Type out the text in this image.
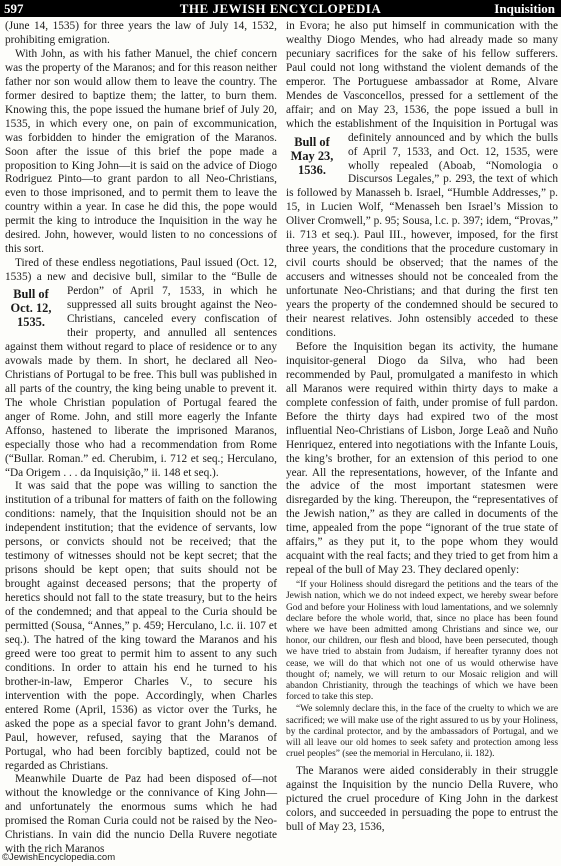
597	THE JEWISH ENCYCLOPEDIA	Inquisition

(June 14, 1535) for three years the law of July 14, 1532, prohibiting emigration.

With John, as with his father Manuel, the chief concern was the property of the Maranos; and for this reason neither father nor son would allow them to leave the country. The former desired to baptize them; the latter, to burn them. Knowing this, the pope issued the humane brief of July 20, 1535, in which every one, on pain of excommunication, was forbidden to hinder the emigration of the Maranos. Soon after the issue of this brief the pope made a proposition to King John—it is said on the advice of Diogo Rodriguez Pinto—to grant pardon to all Neo-Christians, even to those imprisoned, and to permit them to leave the country within a year. In case he did this, the pope would permit the king to introduce the Inquisition in the way he desired. John, however, would listen to no concessions of this sort.

Tired of these endless negotiations, Paul issued (Oct. 12, 1535) a new and decisive bull, similar to the “Bulle de Perdon” of April 7, 1533, in which he
Bull of Oct. 12, 1535.
suppressed all suits brought against the Neo-Christians, canceled every confiscation of their property, and annulled all sentences against them without regard to place of residence or to any avowals made by them. In short, he declared all Neo-Christians of Portugal to be free. This bull was published in all parts of the country, the king being unable to prevent it. The whole Christian population of Portugal feared the anger of Rome. John, and still more eagerly the Infante Affonso, hastened to liberate the imprisoned Maranos, especially those who had a recommendation from Rome (“Bullar. Roman.” ed. Cherubim, i. 712 et seq.; Herculano, “Da Origem . . . da Inquisição,” ii. 148 et seq.).

It was said that the pope was willing to sanction the institution of a tribunal for matters of faith on the following conditions: namely, that the Inquisition should not be an independent institution; that the evidence of servants, low persons, or convicts should not be received; that the testimony of witnesses should not be kept secret; that the prisons should be kept open; that suits should not be brought against deceased persons; that the property of heretics should not fall to the state treasury, but to the heirs of the condemned; and that appeal to the Curia should be permitted (Sousa, “Annes,” p. 459; Herculano, l.c. ii. 107 et seq.). The hatred of the king toward the Maranos and his greed were too great to permit him to assent to any such conditions. In order to attain his end he turned to his brother-in-law, Emperor Charles V., to secure his intervention with the pope. Accordingly, when Charles entered Rome (April, 1536) as victor over the Turks, he asked the pope as a special favor to grant John’s demand. Paul, however, refused, saying that the Maranos of Portugal, who had been forcibly baptized, could not be regarded as Christians.

Meanwhile Duarte de Paz had been disposed of—not without the knowledge or the connivance of King John—and unfortunately the enormous sums which he had promised the Roman Curia could not be raised by the Neo-Christians. In vain did the nuncio Della Ruvere negotiate with the rich Maranos

in Evora; he also put himself in communication with the wealthy Diogo Mendes, who had already made so many pecuniary sacrifices for the sake of his fellow sufferers. Paul could not long withstand the violent demands of the emperor. The Portuguese ambassador at Rome, Alvare Mendes de Vasconcellos, pressed for a settlement of the affair; and on May 23, 1536, the pope issued a bull in which the establishment of the Inquisition in Portugal was definitely announced and by which the
Bull of May 23, 1536.
bulls of April 7, 1533, and Oct. 12, 1535, were wholly repealed (Aboab, “Nomologia o Discursos Legales,” p. 293, the text of which is followed by Manasseh b. Israel, “Humble Addresses,” p. 15, in Lucien Wolf, “Menasseh ben Israel’s Mission to Oliver Cromwell,” p. 95; Sousa, l.c. p. 397; idem, “Provas,” ii. 713 et seq.). Paul III., however, imposed, for the first three years, the conditions that the procedure customary in civil courts should be observed; that the names of the accusers and witnesses should not be concealed from the unfortunate Neo-Christians; and that during the first ten years the property of the condemned should be secured to their nearest relatives. John ostensibly acceded to these conditions.

Before the Inquisition began its activity, the humane inquisitor-general Diogo da Silva, who had been recommended by Paul, promulgated a manifesto in which all Maranos were required within thirty days to make a complete confession of faith, under promise of full pardon. Before the thirty days had expired two of the most influential Neo-Christians of Lisbon, Jorge Leaõ and Nuño Henriquez, entered into negotiations with the Infante Louis, the king’s brother, for an extension of this period to one year. All the representations, however, of the Infante and the advice of the most important statesmen were disregarded by the king. Thereupon, the “representatives of the Jewish nation,” as they are called in documents of the time, appealed from the pope “ignorant of the true state of affairs,” as they put it, to the pope whom they would acquaint with the real facts; and they tried to get from him a repeal of the bull of May 23. They declared openly:

“If your Holiness should disregard the petitions and the tears of the Jewish nation, which we do not indeed expect, we hereby swear before God and before your Holiness with loud lamentations, and we solemnly declare before the whole world, that, since no place has been found where we have been admitted among Christians and since we, our honor, our children, our flesh and blood, have been persecuted, though we have tried to abstain from Judaism, if hereafter tyranny does not cease, we will do that which not one of us would otherwise have thought of; namely, we will return to our Mosaic religion and will abandon Christianity, through the teachings of which we have been forced to take this step.

“We solemnly declare this, in the face of the cruelty to which we are sacrificed; we will make use of the right assured to us by your Holiness, by the cardinal protector, and by the ambassadors of Portugal, and we will all leave our old homes to seek safety and protection among less cruel peoples” (see the memorial in Herculano, ii. 182).

The Maranos were aided considerably in their struggle against the Inquisition by the nuncio Della Ruvere, who pictured the cruel procedure of King John in the darkest colors, and succeeded in persuading the pope to entrust the bull of May 23, 1536,

©JewishEncyclopedia.com
